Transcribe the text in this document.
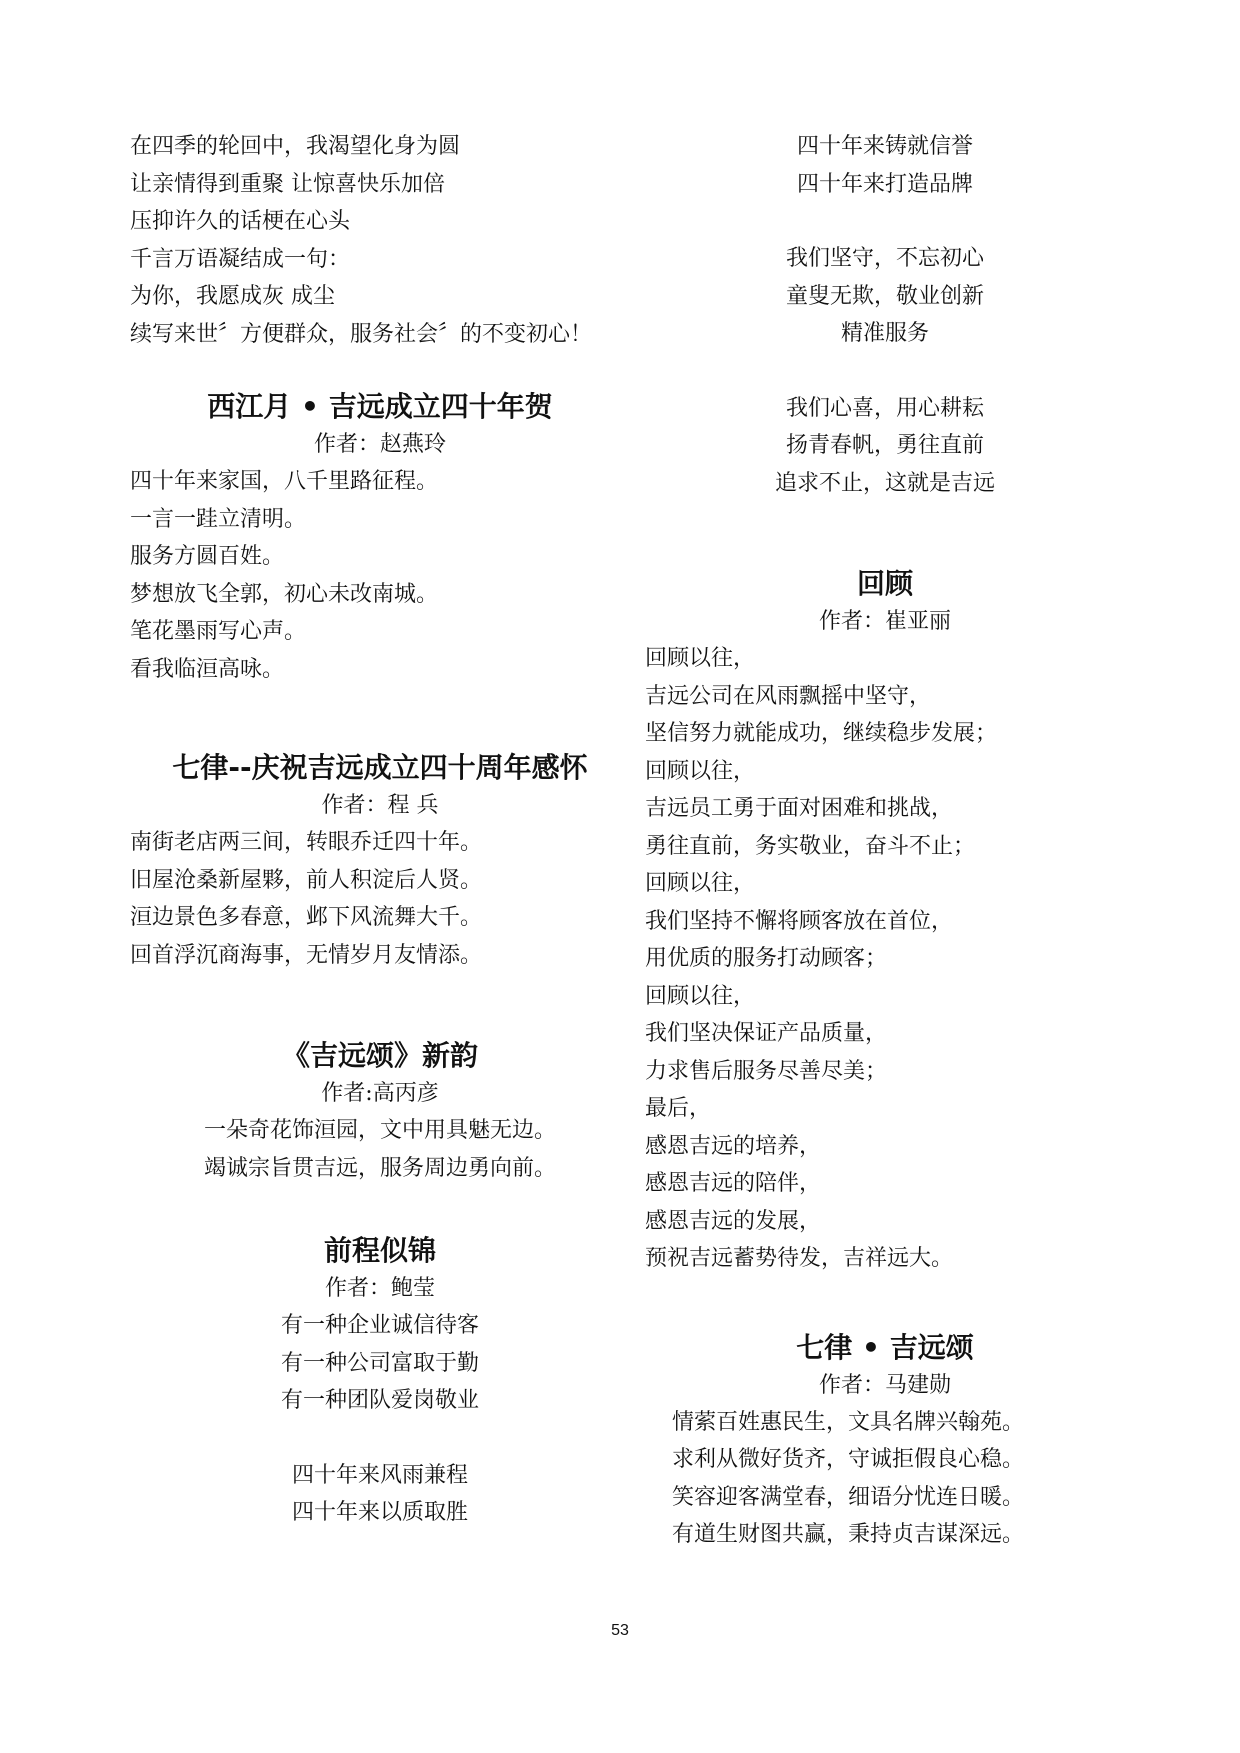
在四季的轮回中，我渴望化身为圆
让亲情得到重聚 让惊喜快乐加倍
压抑许久的话梗在心头
千言万语凝结成一句：
为你，我愿成灰 成尘
续写来世〞方便群众，服务社会〞的不变初心！
西江月 • 吉远成立四十年贺
作者：赵燕玲
四十年来家国，八千里路征程。
一言一跬立清明。
服务方圆百姓。
梦想放飞全郭，初心未改南城。
笔花墨雨写心声。
看我临洹高咏。
七律--庆祝吉远成立四十周年感怀
作者：程 兵
南街老店两三间，转眼乔迁四十年。
旧屋沧桑新屋夥，前人积淀后人贤。
洹边景色多春意，邺下风流舞大千。
回首浮沉商海事，无情岁月友情添。
《吉远颂》新韵
作者:高丙彦
一朵奇花饰洹园，文中用具魅无边。
竭诚宗旨贯吉远，服务周边勇向前。
前程似锦
作者：鲍莹
有一种企业诚信待客
有一种公司富取于勤
有一种团队爱岗敬业
四十年来风雨兼程
四十年来以质取胜
四十年来铸就信誉
四十年来打造品牌
我们坚守，不忘初心
童叟无欺，敬业创新
精准服务
我们心喜，用心耕耘
扬青春帆，勇往直前
追求不止，这就是吉远
回顾
作者：崔亚丽
回顾以往，
吉远公司在风雨飘摇中坚守，
坚信努力就能成功，继续稳步发展；
回顾以往，
吉远员工勇于面对困难和挑战，
勇往直前，务实敬业，奋斗不止；
回顾以往，
我们坚持不懈将顾客放在首位，
用优质的服务打动顾客；
回顾以往，
我们坚决保证产品质量，
力求售后服务尽善尽美；
最后，
感恩吉远的培养，
感恩吉远的陪伴，
感恩吉远的发展，
预祝吉远蓄势待发，吉祥远大。
七律 • 吉远颂
作者：马建勋
情萦百姓惠民生，文具名牌兴翰苑。
求利从微好货齐，守诚拒假良心稳。
笑容迎客满堂春，细语分忧连日暖。
有道生财图共赢，秉持贞吉谋深远。
53
